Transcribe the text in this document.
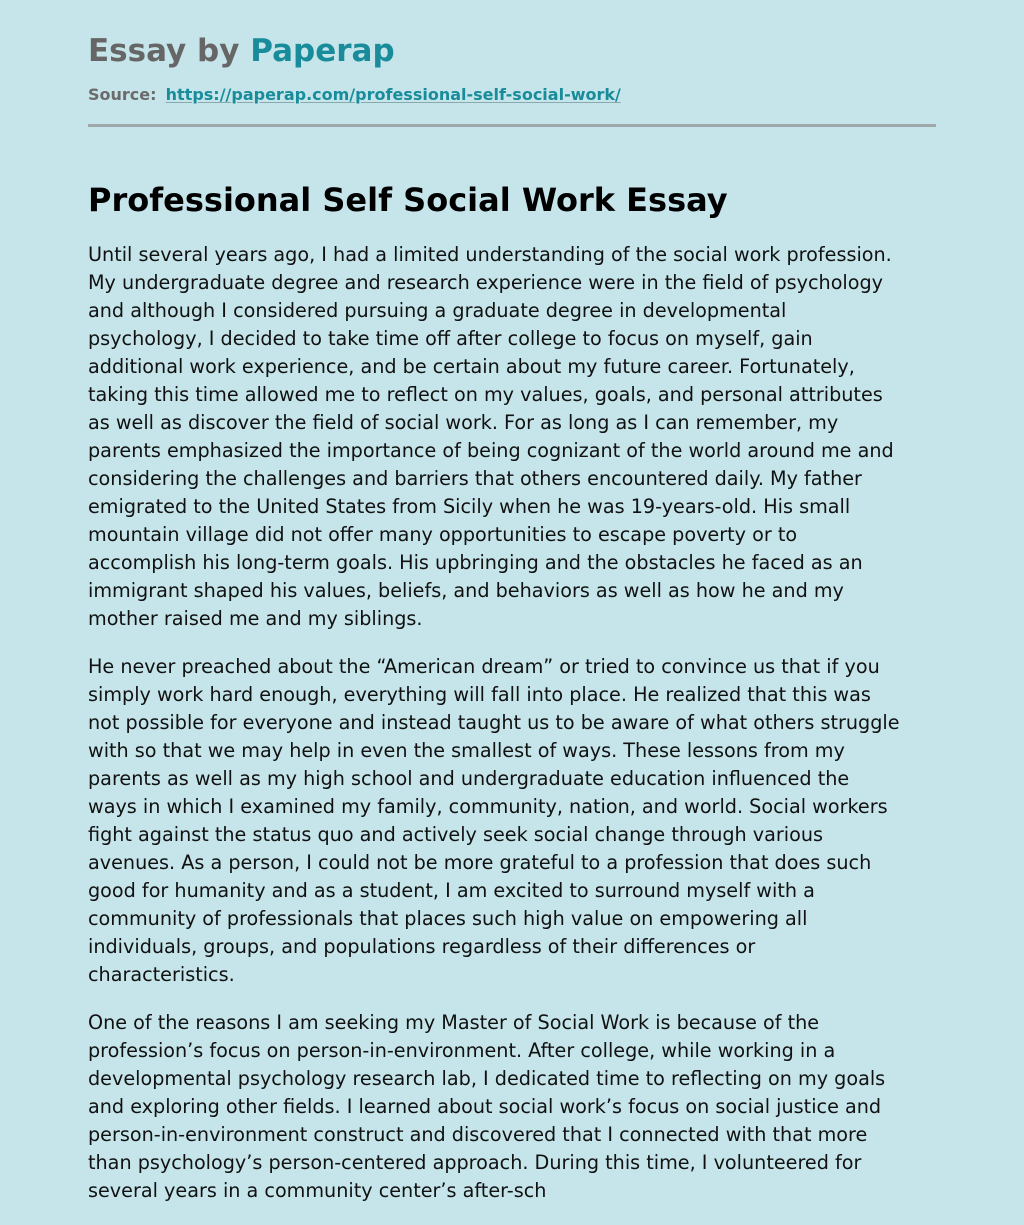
Essay by Paperap
Source: https://paperap.com/professional-self-social-work/
Professional Self Social Work Essay

Until several years ago, I had a limited understanding of the social work profession.
My undergraduate degree and research experience were in the field of psychology
and although I considered pursuing a graduate degree in developmental
psychology, I decided to take time off after college to focus on myself, gain
additional work experience, and be certain about my future career. Fortunately,
taking this time allowed me to reflect on my values, goals, and personal attributes
as well as discover the field of social work. For as long as I can remember, my
parents emphasized the importance of being cognizant of the world around me and
considering the challenges and barriers that others encountered daily. My father
emigrated to the United States from Sicily when he was 19-years-old. His small
mountain village did not offer many opportunities to escape poverty or to
accomplish his long-term goals. His upbringing and the obstacles he faced as an
immigrant shaped his values, beliefs, and behaviors as well as how he and my
mother raised me and my siblings.

He never preached about the “American dream” or tried to convince us that if you
simply work hard enough, everything will fall into place. He realized that this was
not possible for everyone and instead taught us to be aware of what others struggle
with so that we may help in even the smallest of ways. These lessons from my
parents as well as my high school and undergraduate education influenced the
ways in which I examined my family, community, nation, and world. Social workers
fight against the status quo and actively seek social change through various
avenues. As a person, I could not be more grateful to a profession that does such
good for humanity and as a student, I am excited to surround myself with a
community of professionals that places such high value on empowering all
individuals, groups, and populations regardless of their differences or
characteristics.

One of the reasons I am seeking my Master of Social Work is because of the
profession’s focus on person-in-environment. After college, while working in a
developmental psychology research lab, I dedicated time to reflecting on my goals
and exploring other fields. I learned about social work’s focus on social justice and
person-in-environment construct and discovered that I connected with that more
than psychology’s person-centered approach. During this time, I volunteered for
several years in a community center’s after-sch
